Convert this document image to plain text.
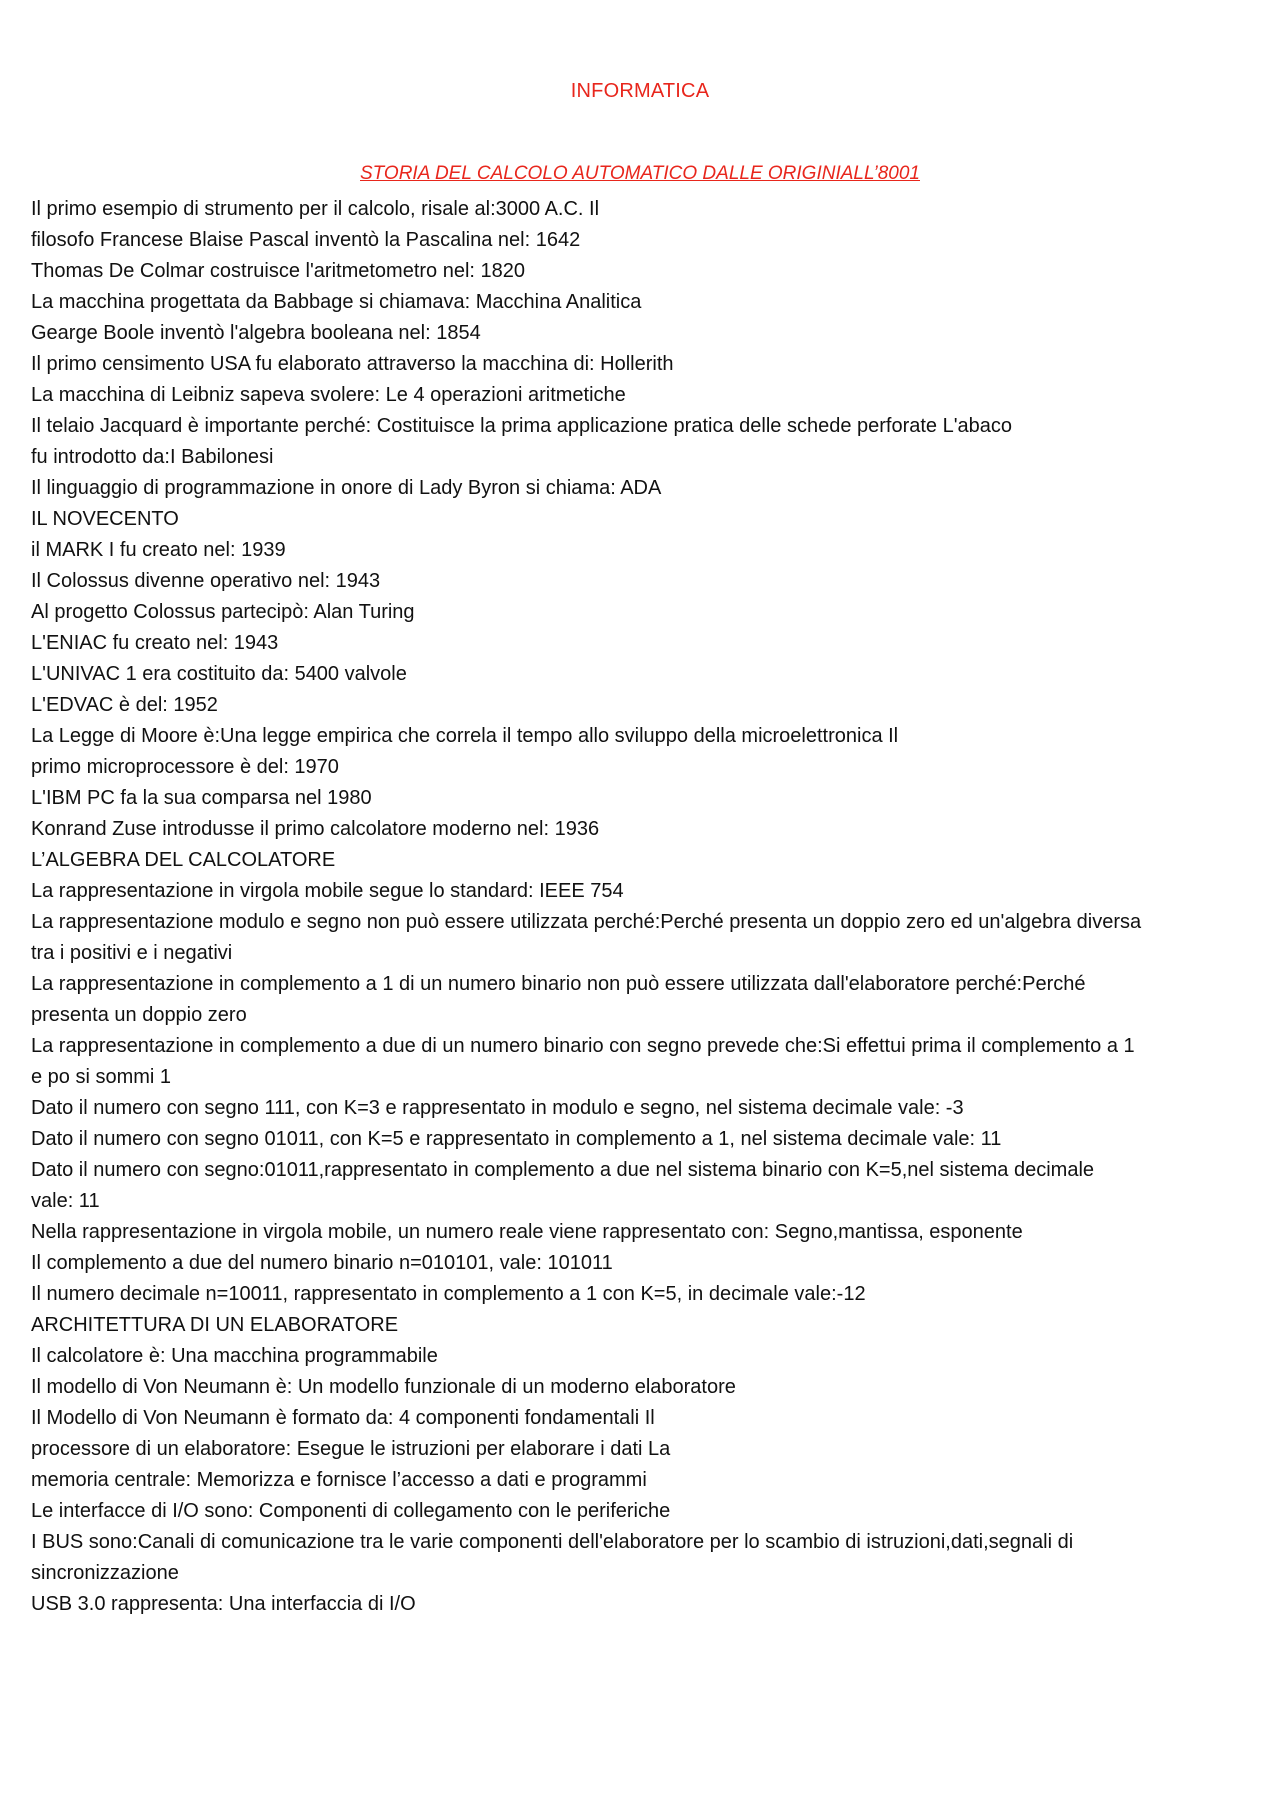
INFORMATICA
STORIA DEL CALCOLO AUTOMATICO DALLE ORIGINIALL’8001
Il primo esempio di strumento per il calcolo, risale al:3000 A.C. Il
filosofo Francese Blaise Pascal inventò la Pascalina nel: 1642
Thomas De Colmar costruisce l'aritmetometro nel: 1820
La macchina progettata da Babbage si chiamava: Macchina Analitica
Gearge Boole inventò l'algebra booleana nel: 1854
Il primo censimento USA fu elaborato attraverso la macchina di: Hollerith
La macchina di Leibniz sapeva svolere: Le 4 operazioni aritmetiche
Il telaio Jacquard è importante perché: Costituisce la prima applicazione pratica delle schede perforate L'abaco
fu introdotto da:I Babilonesi
Il linguaggio di programmazione in onore di Lady Byron si chiama: ADA
IL NOVECENTO
il MARK I fu creato nel: 1939
Il Colossus divenne operativo nel: 1943
Al progetto Colossus partecipò: Alan Turing
L'ENIAC fu creato nel: 1943
L'UNIVAC 1 era costituito da: 5400 valvole
L'EDVAC è del: 1952
La Legge di Moore è:Una legge empirica che correla il tempo allo sviluppo della microelettronica Il
primo microprocessore è del: 1970
L'IBM PC fa la sua comparsa nel 1980
Konrand Zuse introdusse il primo calcolatore moderno nel: 1936
L’ALGEBRA DEL CALCOLATORE
La rappresentazione in virgola mobile segue lo standard: IEEE 754
La rappresentazione modulo e segno non può essere utilizzata perché:Perché presenta un doppio zero ed un'algebra diversa
tra i positivi e i negativi
La rappresentazione in complemento a 1 di un numero binario non può essere utilizzata dall'elaboratore perché:Perché
presenta un doppio zero
La rappresentazione in complemento a due di un numero binario con segno prevede che:Si effettui prima il complemento a 1
e po si sommi 1
Dato il numero con segno 111, con K=3 e rappresentato in modulo e segno, nel sistema decimale vale: -3
Dato il numero con segno 01011, con K=5 e rappresentato in complemento a 1, nel sistema decimale vale: 11
Dato il numero con segno:01011,rappresentato in complemento a due nel sistema binario con K=5,nel sistema decimale
vale: 11
Nella rappresentazione in virgola mobile, un numero reale viene rappresentato con: Segno,mantissa, esponente
Il complemento a due del numero binario n=010101, vale: 101011
Il numero decimale n=10011, rappresentato in complemento a 1 con K=5, in decimale vale:-12
ARCHITETTURA DI UN ELABORATORE
Il calcolatore è: Una macchina programmabile
Il modello di Von Neumann è: Un modello funzionale di un moderno elaboratore
Il Modello di Von Neumann è formato da: 4 componenti fondamentali Il
processore di un elaboratore: Esegue le istruzioni per elaborare i dati La
memoria centrale: Memorizza e fornisce l’accesso a dati e programmi
Le interfacce di I/O sono: Componenti di collegamento con le periferiche
I BUS sono:Canali di comunicazione tra le varie componenti dell'elaboratore per lo scambio di istruzioni,dati,segnali di
sincronizzazione
USB 3.0 rappresenta: Una interfaccia di I/O
